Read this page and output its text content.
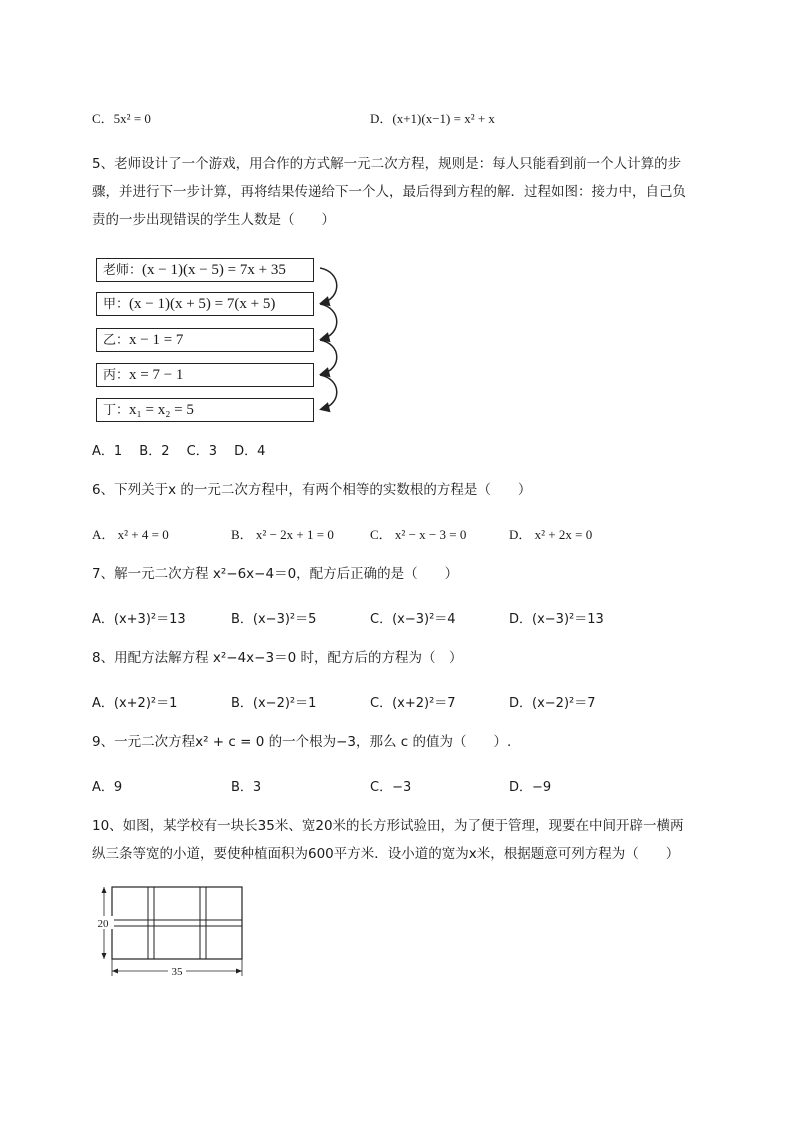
C．5x² = 0	D．(x+1)(x−1) = x² + x
5、老师设计了一个游戏，用合作的方式解一元二次方程，规则是：每人只能看到前一个人计算的步
骤，并进行下一步计算，再将结果传递给下一个人，最后得到方程的解．过程如图：接力中，自己负
责的一步出现错误的学生人数是（　　）
老师：(x − 1)(x − 5) = 7x + 35
甲：(x − 1)(x + 5) = 7(x + 5)
乙：x − 1 = 7
丙：x = 7 − 1
丁：x₁ = x₂ = 5
A．1　 B．2　 C．3　 D．4
6、下列关于x 的一元二次方程中，有两个相等的实数根的方程是（　　）
A． x² + 4 = 0	B． x² − 2x + 1 = 0	C． x² − x − 3 = 0	D． x² + 2x = 0
7、解一元二次方程 x²−6x−4＝0，配方后正确的是（　　）
A．(x+3)²＝13	B．(x−3)²＝5	C．(x−3)²＝4	D．(x−3)²＝13
8、用配方法解方程 x²−4x−3＝0 时，配方后的方程为（　）
A．(x+2)²＝1	B．(x−2)²＝1	C．(x+2)²＝7	D．(x−2)²＝7
9、一元二次方程x² + c = 0 的一个根为−3，那么 c 的值为（　　）.
A．9	B．3	C．−3	D．−9
10、如图，某学校有一块长35米、宽20米的长方形试验田，为了便于管理，现要在中间开辟一横两
纵三条等宽的小道，要使种植面积为600平方米．设小道的宽为x米，根据题意可列方程为（　　）
20
35
